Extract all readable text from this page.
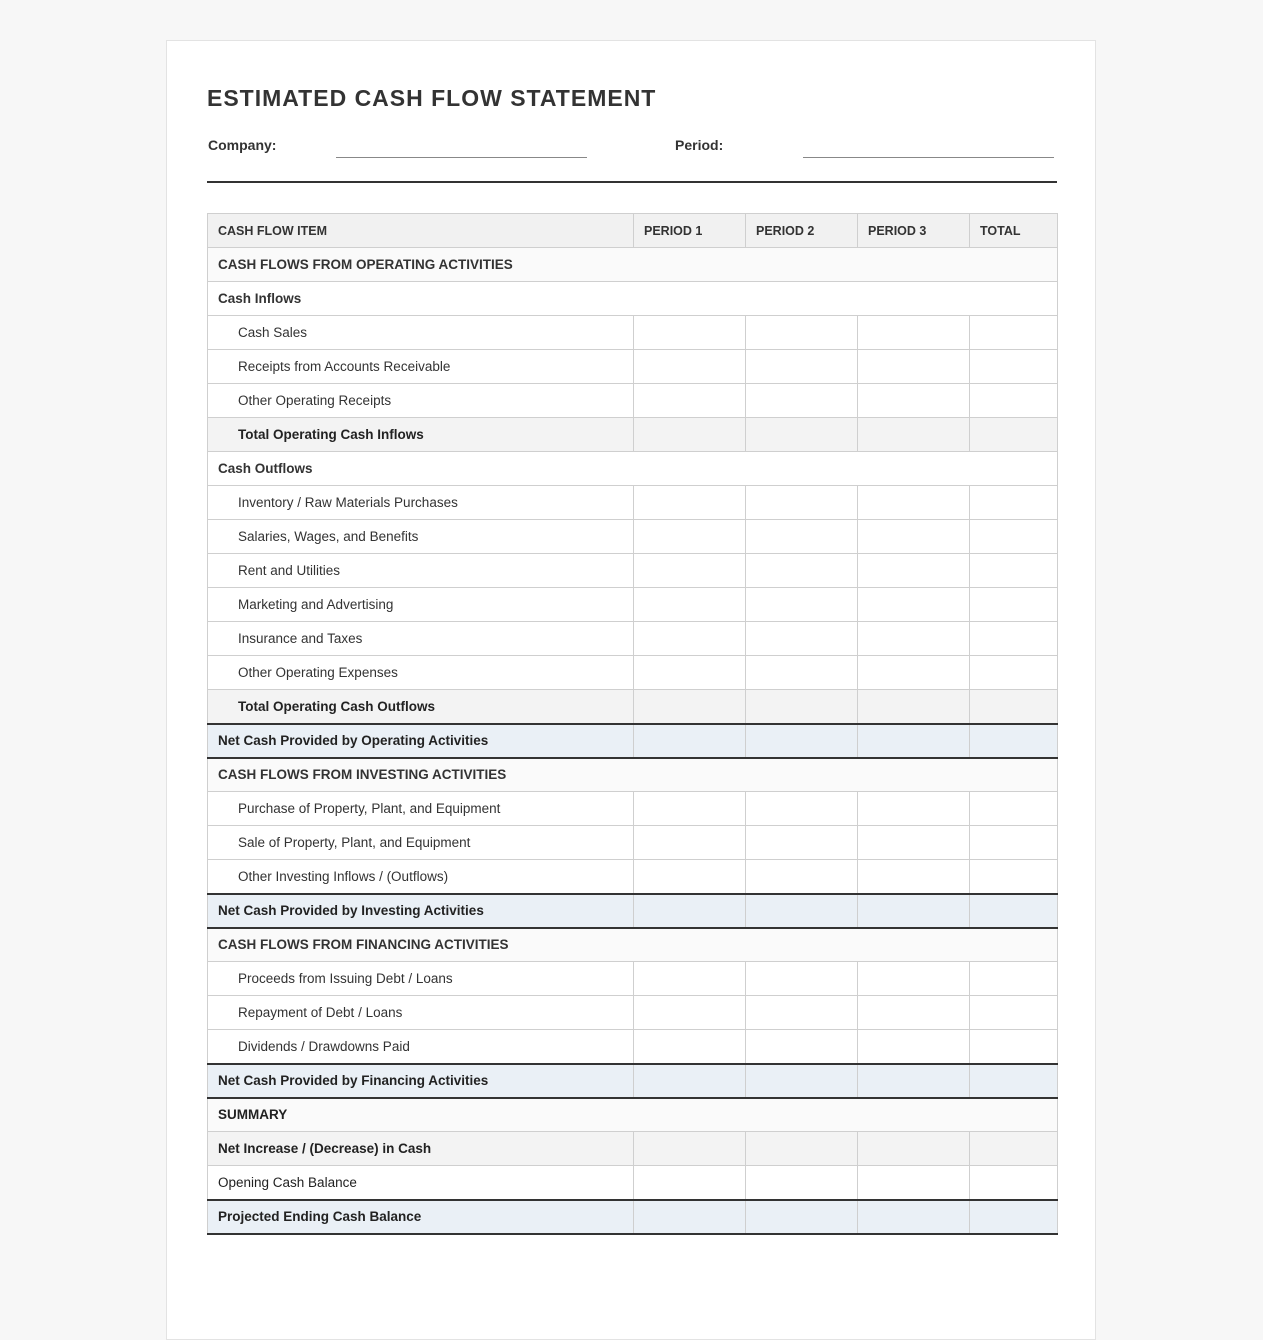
ESTIMATED CASH FLOW STATEMENT
Company:	Period:
CASH FLOW ITEM	PERIOD 1	PERIOD 2	PERIOD 3	TOTAL
CASH FLOWS FROM OPERATING ACTIVITIES				
Cash Inflows				
Cash Sales				
Receipts from Accounts Receivable				
Other Operating Receipts				
Total Operating Cash Inflows				
Cash Outflows				
Inventory / Raw Materials Purchases				
Salaries, Wages, and Benefits				
Rent and Utilities				
Marketing and Advertising				
Insurance and Taxes				
Other Operating Expenses				
Total Operating Cash Outflows				
Net Cash Provided by Operating Activities				
CASH FLOWS FROM INVESTING ACTIVITIES				
Purchase of Property, Plant, and Equipment				
Sale of Property, Plant, and Equipment				
Other Investing Inflows / (Outflows)				
Net Cash Provided by Investing Activities				
CASH FLOWS FROM FINANCING ACTIVITIES				
Proceeds from Issuing Debt / Loans				
Repayment of Debt / Loans				
Dividends / Drawdowns Paid				
Net Cash Provided by Financing Activities				
SUMMARY				
Net Increase / (Decrease) in Cash				
Opening Cash Balance				
Projected Ending Cash Balance				
